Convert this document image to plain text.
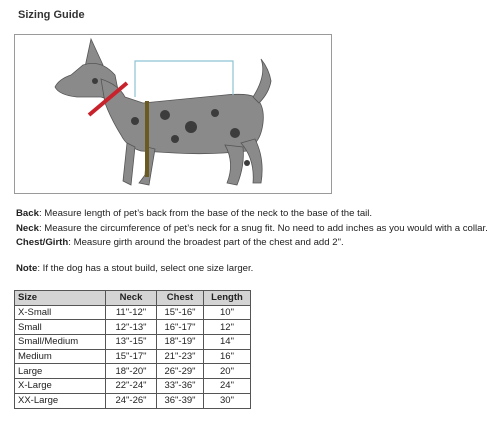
Sizing Guide
Back: Measure length of pet’s back from the base of the neck to the base of the tail.
Neck: Measure the circumference of pet’s neck for a snug fit. No need to add inches as you would with a collar.
Chest/Girth: Measure girth around the broadest part of the chest and add 2".
Note: If the dog has a stout build, select one size larger.
Size	Neck	Chest	Length
X-Small	11"-12"	15"-16"	10"
Small	12"-13"	16"-17"	12"
Small/Medium	13"-15"	18"-19"	14"
Medium	15"-17"	21"-23"	16"
Large	18"-20"	26"-29"	20"
X-Large	22"-24"	33"-36"	24"
XX-Large	24"-26"	36"-39"	30"
